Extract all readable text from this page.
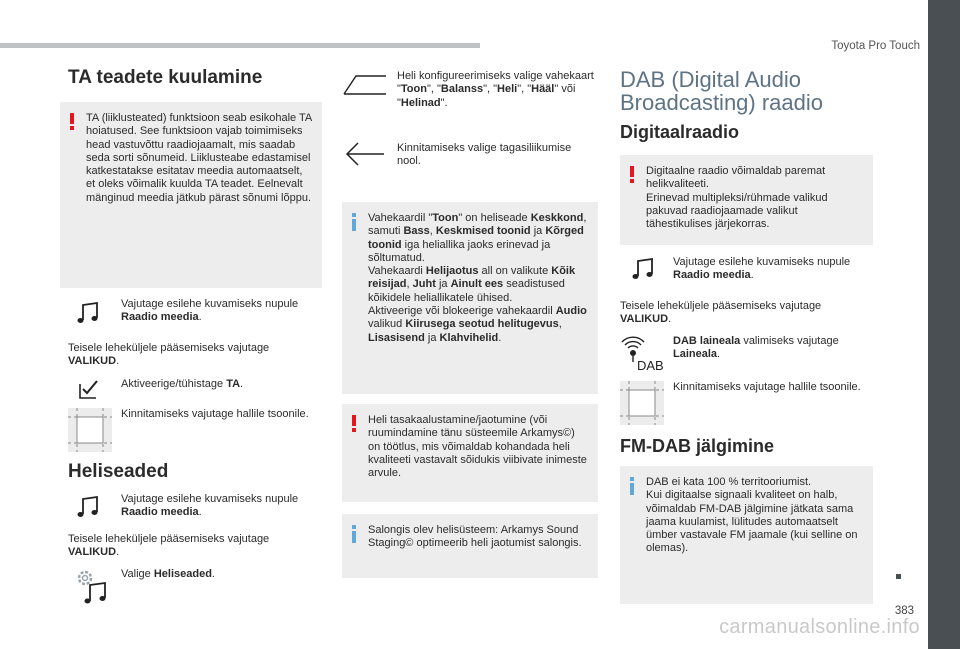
Toyota Pro Touch
383
carmanualsonline.info
TA teadete kuulamine
TA (liiklusteated) funktsioon seab esikohale TA hoiatused. See funktsioon vajab toimimiseks head vastuvõttu raadiojaamalt, mis saadab seda sorti sõnumeid. Liiklusteabe edastamisel katkestatakse esitatav meedia automaatselt, et oleks võimalik kuulda TA teadet. Eelnevalt mänginud meedia jätkub pärast sõnumi lõppu.
Vajutage esilehe kuvamiseks nupule Raadio meedia.
Teisele leheküljele pääsemiseks vajutage VALIKUD.
Aktiveerige/tühistage TA.
Kinnitamiseks vajutage hallile tsoonile.
Heliseaded
Vajutage esilehe kuvamiseks nupule Raadio meedia.
Teisele leheküljele pääsemiseks vajutage VALIKUD.
Valige Heliseaded.
Heli konfigureerimiseks valige vahekaart "Toon", "Balanss", "Heli", "Hääl" või "Helinad".
Kinnitamiseks valige tagasiliikumise nool.
Vahekaardil "Toon" on heliseade Keskkond, samuti Bass, Keskmised toonid ja Kõrged toonid iga heliallika jaoks erinevad ja sõltumatud.
Vahekaardi Helijaotus all on valikute Kõik reisijad, Juht ja Ainult ees seadistused kõikidele heliallikatele ühised.
Aktiveerige või blokeerige vahekaardil Audio valikud Kiirusega seotud helitugevus, Lisasisend ja Klahvihelid.
Heli tasakaalustamine/jaotumine (või ruumindamine tänu süsteemile Arkamys©) on töötlus, mis võimaldab kohandada heli kvaliteeti vastavalt sõidukis viibivate inimeste arvule.
Salongis olev helisüsteem: Arkamys Sound Staging© optimeerib heli jaotumist salongis.
DAB (Digital Audio
Broadcasting) raadio
Digitaalraadio
Digitaalne raadio võimaldab paremat helikvaliteeti.
Erinevad multipleksi/rühmade valikud pakuvad raadiojaamade valikut tähestikulises järjekorras.
Vajutage esilehe kuvamiseks nupule Raadio meedia.
Teisele leheküljele pääsemiseks vajutage VALIKUD.
DAB
DAB laineala valimiseks vajutage Laineala.
Kinnitamiseks vajutage hallile tsoonile.
FM-DAB jälgimine
DAB ei kata 100 % territooriumist.
Kui digitaalse signaali kvaliteet on halb, võimaldab FM-DAB jälgimine jätkata sama jaama kuulamist, lülitudes automaatselt ümber vastavale FM jaamale (kui selline on olemas).
